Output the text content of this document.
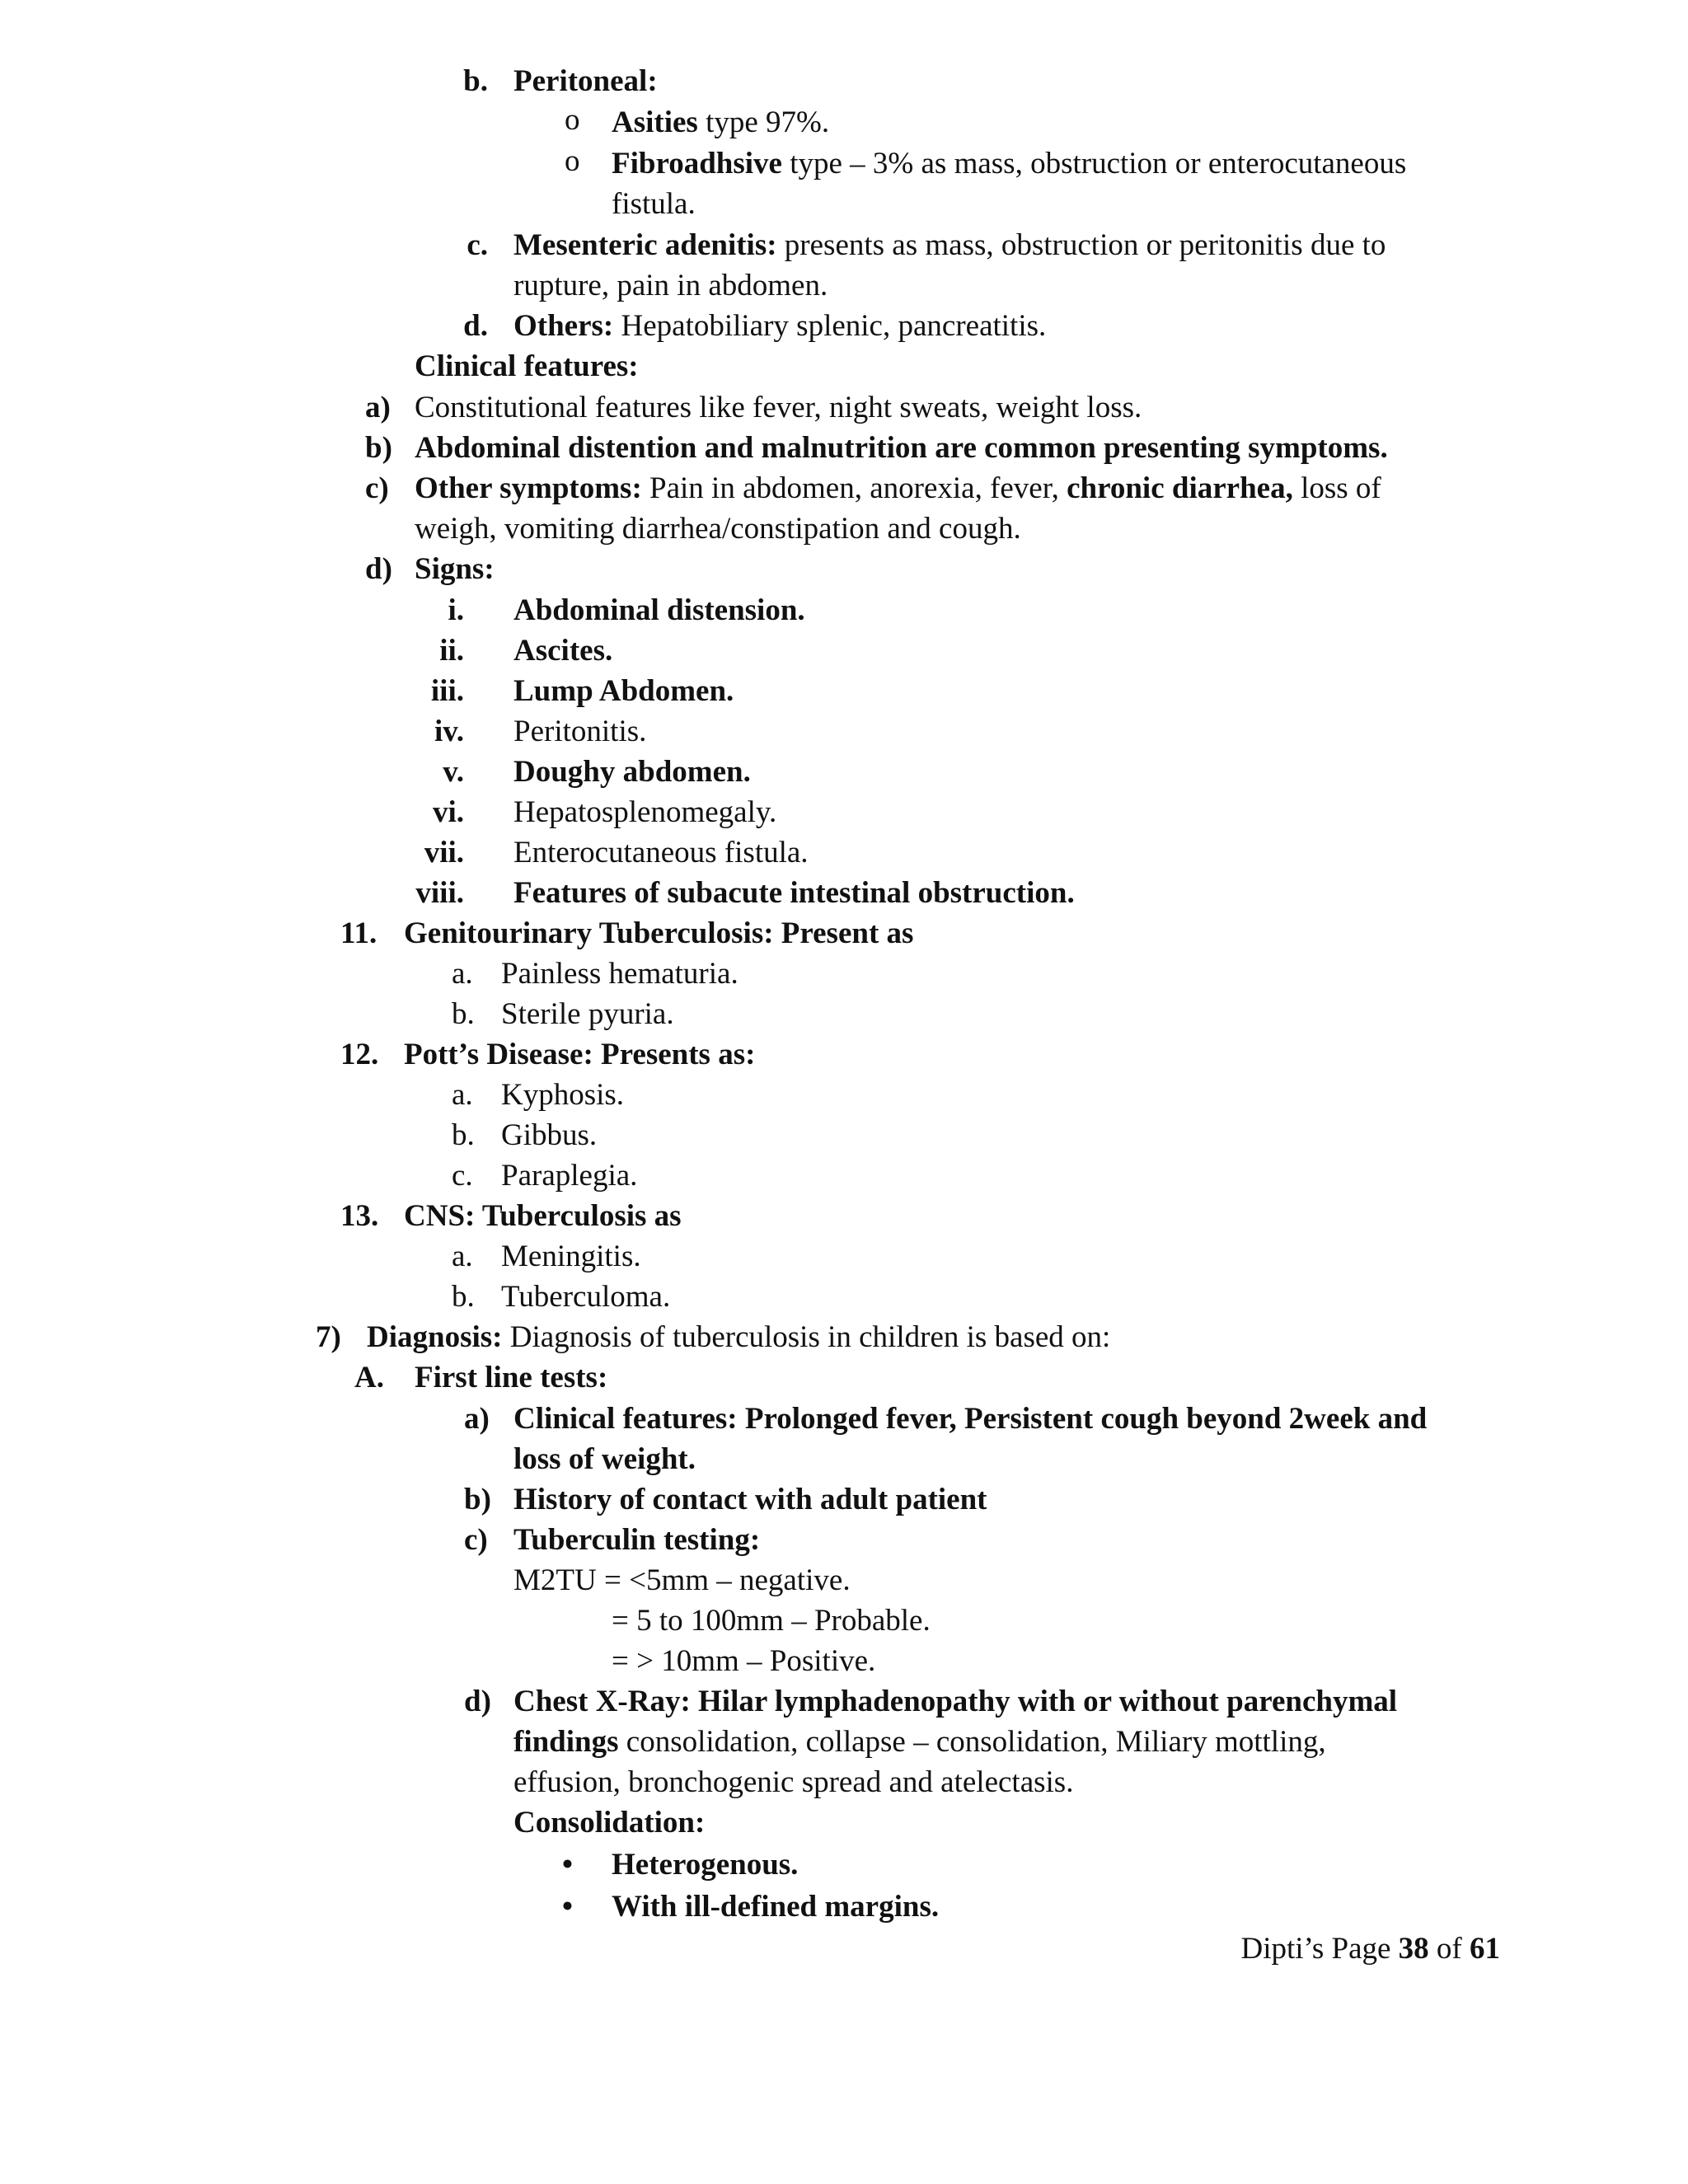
b. Peritoneal:
o Asities type 97%.
o Fibroadhsive type – 3% as mass, obstruction or enterocutaneous
fistula.
c. Mesenteric adenitis: presents as mass, obstruction or peritonitis due to
rupture, pain in abdomen.
d. Others: Hepatobiliary splenic, pancreatitis.
Clinical features:
a) Constitutional features like fever, night sweats, weight loss.
b) Abdominal distention and malnutrition are common presenting symptoms.
c) Other symptoms: Pain in abdomen, anorexia, fever, chronic diarrhea, loss of
weigh, vomiting diarrhea/constipation and cough.
d) Signs:
i. Abdominal distension.
ii. Ascites.
iii. Lump Abdomen.
iv. Peritonitis.
v. Doughy abdomen.
vi. Hepatosplenomegaly.
vii. Enterocutaneous fistula.
viii. Features of subacute intestinal obstruction.
11. Genitourinary Tuberculosis: Present as
a. Painless hematuria.
b. Sterile pyuria.
12. Pott’s Disease: Presents as:
a. Kyphosis.
b. Gibbus.
c. Paraplegia.
13. CNS: Tuberculosis as
a. Meningitis.
b. Tuberculoma.
7) Diagnosis: Diagnosis of tuberculosis in children is based on:
A. First line tests:
a) Clinical features: Prolonged fever, Persistent cough beyond 2week and
loss of weight.
b) History of contact with adult patient
c) Tuberculin testing:
M2TU = <5mm – negative.
= 5 to 100mm – Probable.
= > 10mm – Positive.
d) Chest X-Ray: Hilar lymphadenopathy with or without parenchymal
findings consolidation, collapse – consolidation, Miliary mottling,
effusion, bronchogenic spread and atelectasis.
Consolidation:
• Heterogenous.
• With ill-defined margins.
Dipti’s Page 38 of 61
